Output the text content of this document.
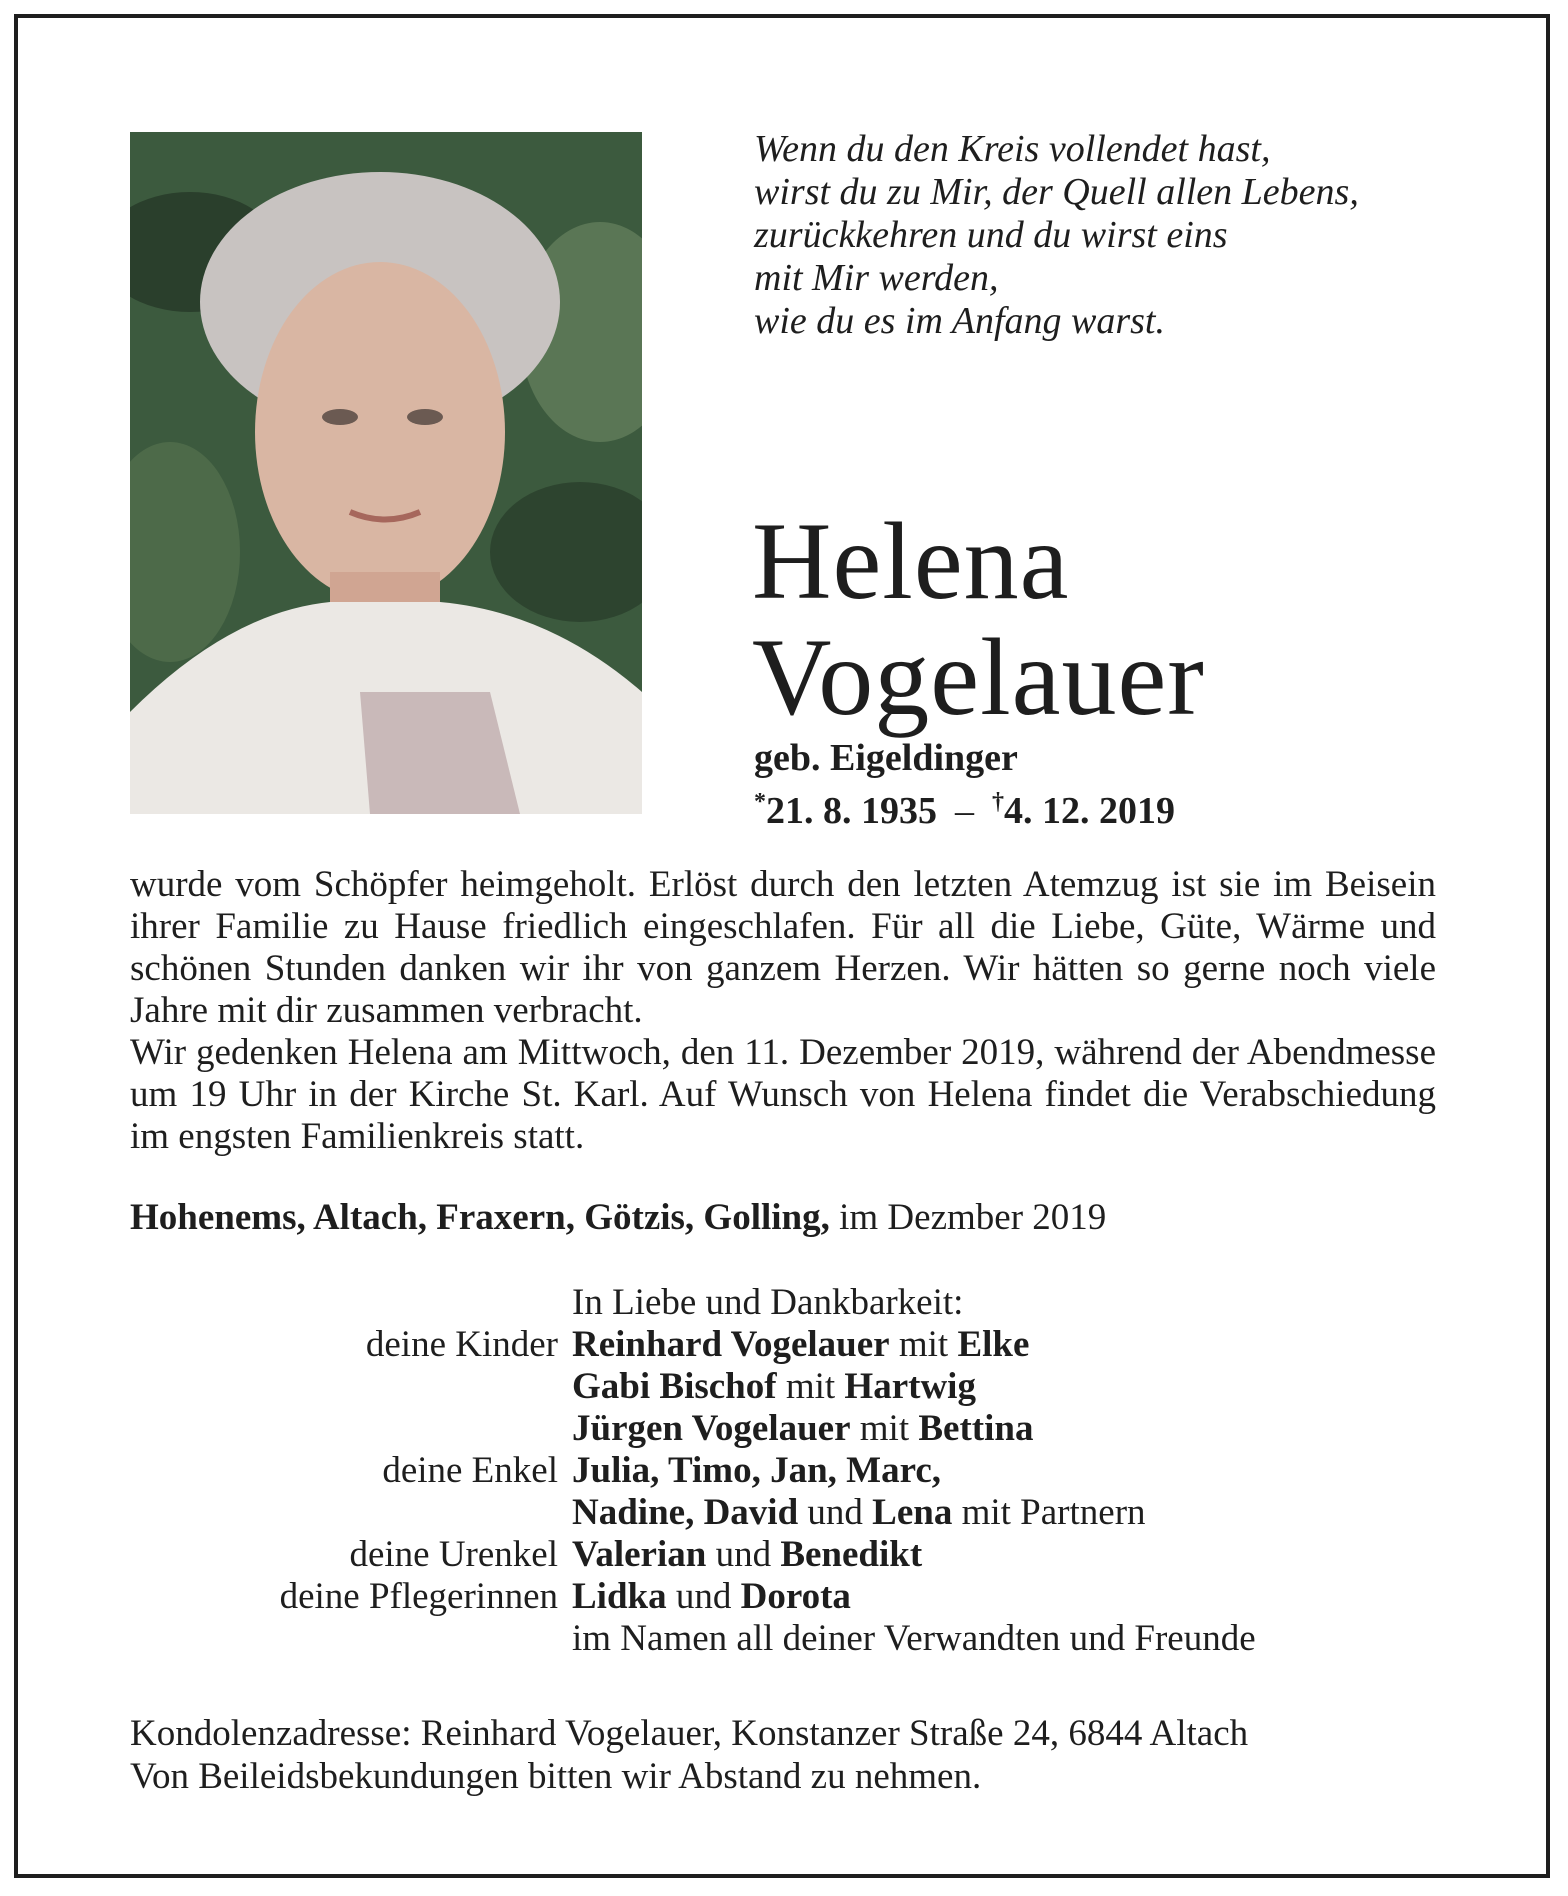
Wenn du den Kreis vollendet hast,
wirst du zu Mir, der Quell allen Lebens,
zurückkehren und du wirst eins
mit Mir werden,
wie du es im Anfang warst.
Helena
Vogelauer
geb. Eigeldinger
*21. 8. 1935 – †4. 12. 2019

wurde vom Schöpfer heimgeholt. Erlöst durch den letzten Atemzug ist sie im Beisein ihrer Familie zu Hause friedlich eingeschlafen. Für all die Liebe, Güte, Wärme und schönen Stunden danken wir ihr von ganzem Herzen. Wir hätten so gerne noch viele Jahre mit dir zusammen verbracht.

Wir gedenken Helena am Mittwoch, den 11. Dezember 2019, während der Abendmesse um 19 Uhr in der Kirche St. Karl. Auf Wunsch von Helena findet die Verabschiedung im engsten Familienkreis statt.

Hohenems, Altach, Fraxern, Götzis, Golling, im Dezmber 2019
In Liebe und Dankbarkeit:
deine Kinder Reinhard Vogelauer mit Elke
Gabi Bischof mit Hartwig
Jürgen Vogelauer mit Bettina
deine Enkel Julia, Timo, Jan, Marc,
Nadine, David und Lena mit Partnern
deine Urenkel Valerian und Benedikt
deine Pflegerinnen Lidka und Dorota
im Namen all deiner Verwandten und Freunde
Kondolenzadresse: Reinhard Vogelauer, Konstanzer Straße 24, 6844 Altach
Von Beileidsbekundungen bitten wir Abstand zu nehmen.
